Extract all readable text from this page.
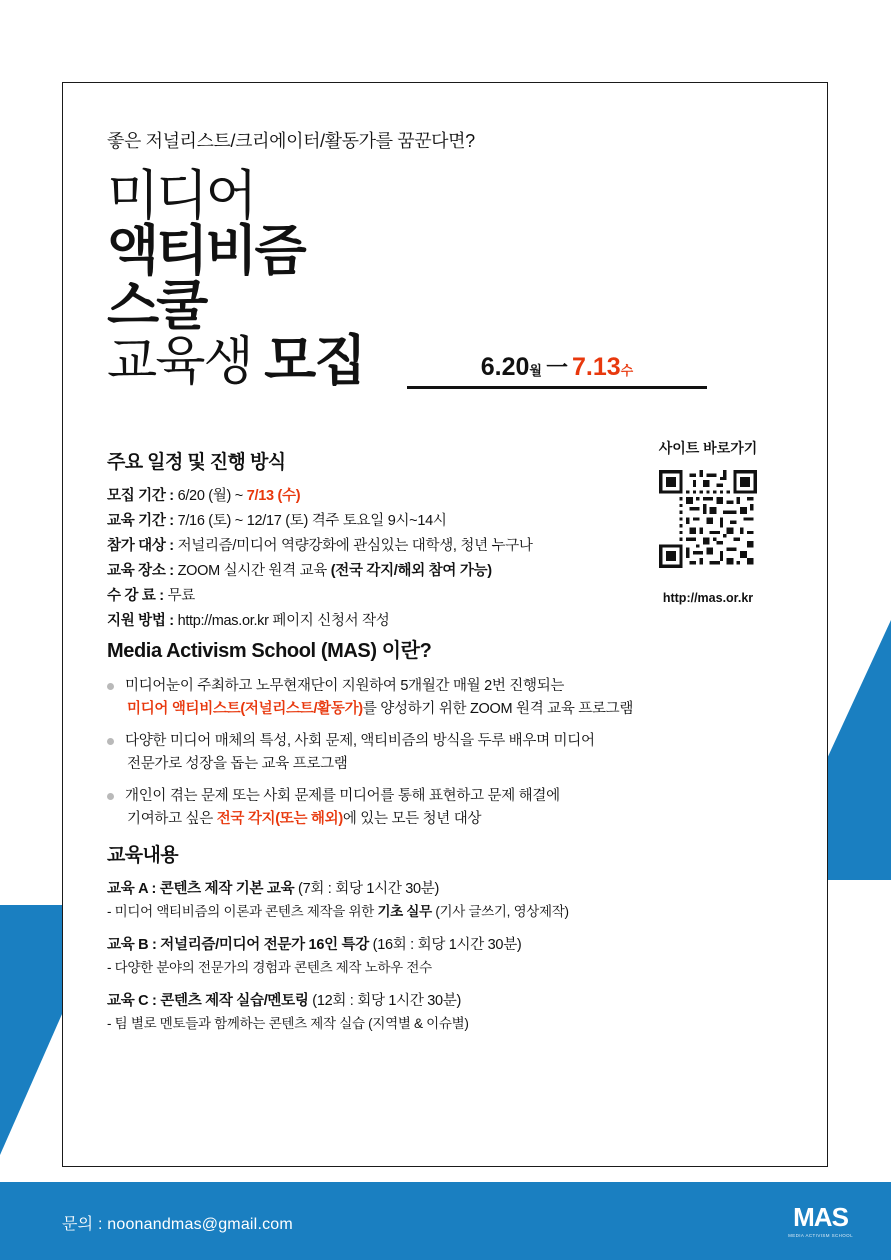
좋은 저널리스트/크리에이터/활동가를 꿈꾼다면?

미디어
액티비즘
스쿨
교육생 모집	6.20월 一 7.13수
사이트 바로가기
http://mas.or.kr
주요 일정 및 진행 방식
모집 기간 : 6/20 (월) ~ 7/13 (수)
교육 기간 : 7/16 (토) ~ 12/17 (토) 격주 토요일 9시~14시
참가 대상 : 저널리즘/미디어 역량강화에 관심있는 대학생, 청년 누구나
교육 장소 : ZOOM 실시간 원격 교육 (전국 각지/해외 참여 가능)
수 강 료 : 무료
지원 방법 : http://mas.or.kr 페이지 신청서 작성
Media Activism School (MAS) 이란?
미디어눈이 주최하고 노무현재단이 지원하여 5개월간 매월 2번 진행되는
미디어 액티비스트(저널리스트/활동가)를 양성하기 위한 ZOOM 원격 교육 프로그램
다양한 미디어 매체의 특성, 사회 문제, 액티비즘의 방식을 두루 배우며 미디어
전문가로 성장을 돕는 교육 프로그램
개인이 겪는 문제 또는 사회 문제를 미디어를 통해 표현하고 문제 해결에
기여하고 싶은 전국 각지(또는 해외)에 있는 모든 청년 대상
교육내용
교육 A : 콘텐츠 제작 기본 교육 (7회 : 회당 1시간 30분)
- 미디어 액티비즘의 이론과 콘텐츠 제작을 위한 기초 실무 (기사 글쓰기, 영상제작)
교육 B : 저널리즘/미디어 전문가 16인 특강 (16회 : 회당 1시간 30분)
- 다양한 분야의 전문가의 경험과 콘텐츠 제작 노하우 전수
교육 C : 콘텐츠 제작 실습/멘토링 (12회 : 회당 1시간 30분)
- 팀 별로 멘토들과 함께하는 콘텐츠 제작 실습 (지역별 & 이슈별)
문의 : noonandmas@gmail.com	MAS
MEDIA ACTIVISM SCHOOL
